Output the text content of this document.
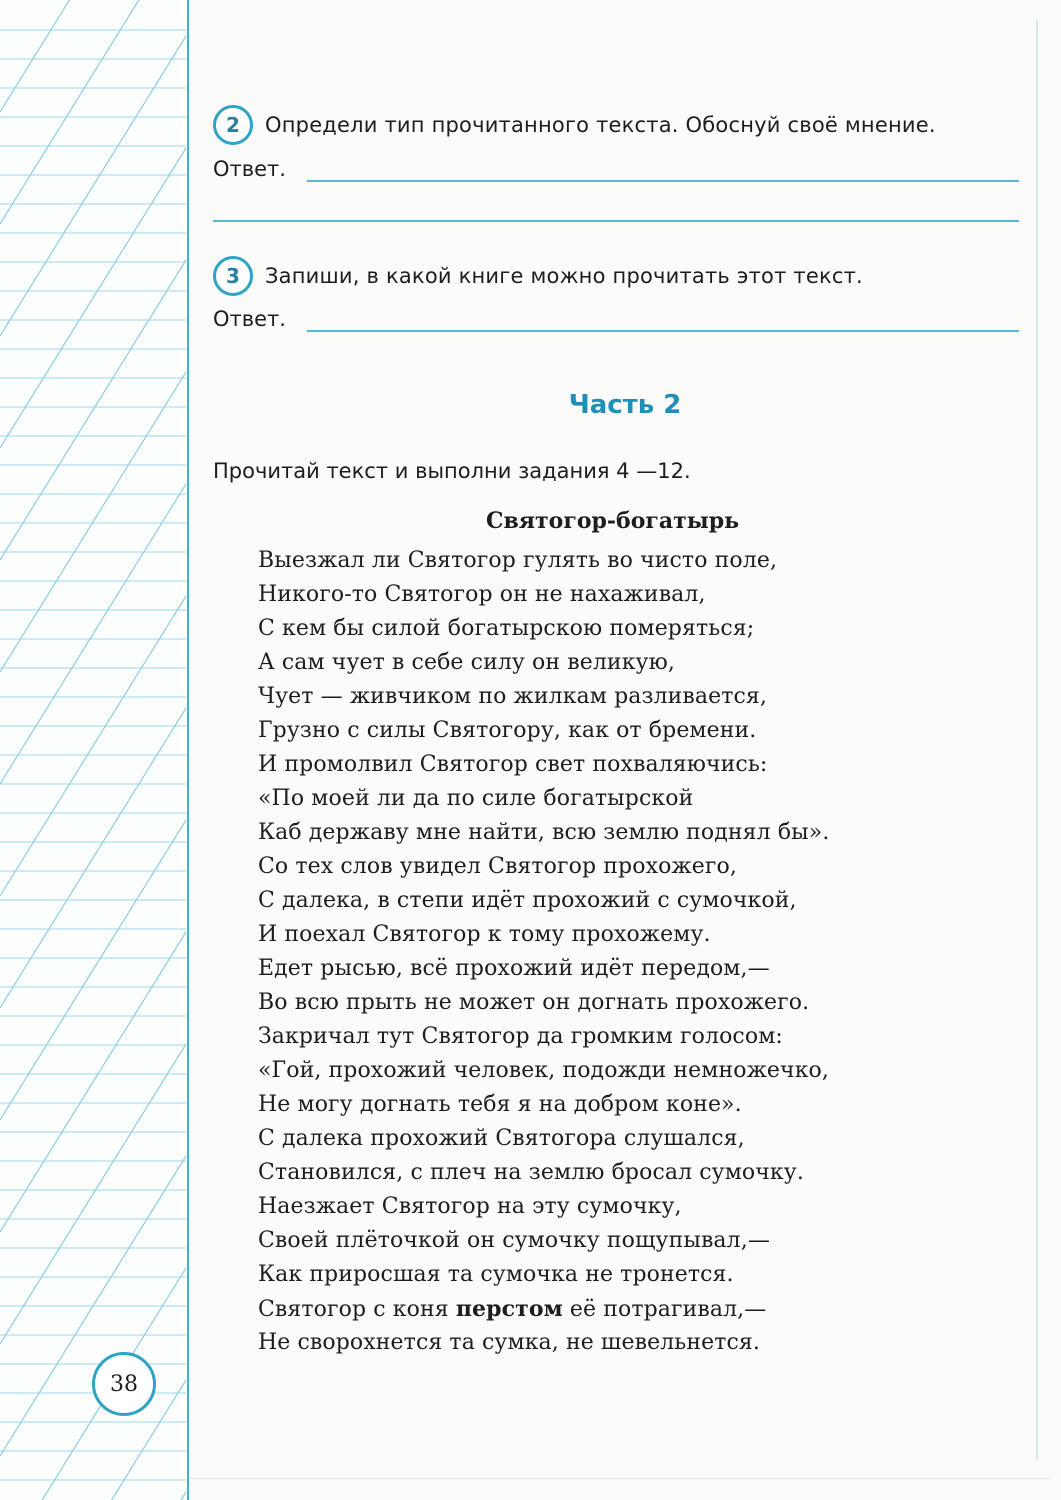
2	Определи тип прочитанного текста. Обоснуй своё мнение.
Ответ.
3	Запиши, в какой книге можно прочитать этот текст.
Ответ.
Часть 2
Прочитай текст и выполни задания 4 —12.
Святогор-богатырь
Выезжал ли Святогор гулять во чисто поле,
Никого-то Святогор он не нахаживал,
С кем бы силой богатырскою померяться;
А сам чует в себе силу он великую,
Чует — живчиком по жилкам разливается,
Грузно с силы Святогору, как от бремени.
И промолвил Святогор свет похваляючись:
«По моей ли да по силе богатырской
Каб державу мне найти, всю землю поднял бы».
Со тех слов увидел Святогор прохожего,
С далека, в степи идёт прохожий с сумочкой,
И поехал Святогор к тому прохожему.
Едет рысью, всё прохожий идёт передом,—
Во всю прыть не может он догнать прохожего.
Закричал тут Святогор да громким голосом:
«Гой, прохожий человек, подожди немножечко,
Не могу догнать тебя я на добром коне».
С далека прохожий Святогора слушался,
Становился, с плеч на землю бросал сумочку.
Наезжает Святогор на эту сумочку,
Своей плёточкой он сумочку пощупывал,—
Как приросшая та сумочка не тронется.
Святогор с коня перстом её потрагивал,—
Не сворохнется та сумка, не шевельнется.
38
